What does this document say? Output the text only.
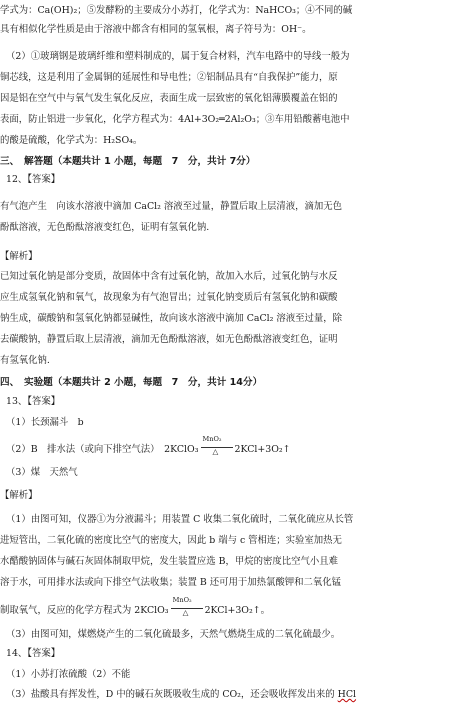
学式为：Ca(OH)₂；⑤发酵粉的主要成分小苏打，化学式为：NaHCO₃；④不同的碱
具有相似化学性质是由于溶液中都含有相同的氢氧根，离子符号为：OH⁻。
（2）①玻璃钢是玻璃纤维和塑料制成的，属于复合材料，汽车电路中的导线一般为
铜芯线，这是利用了金属铜的延展性和导电性；②铝制品具有“自我保护”能力，原
因是铝在空气中与氧气发生氧化反应，表面生成一层致密的氧化铝薄膜覆盖在铝的
表面，防止铝进一步氧化，化学方程式为：4Al+3O₂═2Al₂O₃；③车用铅酸蓄电池中
的酸是硫酸，化学式为：H₂SO₄。
三、　解答题（本题共计 1 小题，每题　7　分，共计 7分）
12、【答案】
有气泡产生　向该水溶液中滴加 CaCl₂ 溶液至过量，静置后取上层清液，滴加无色
酚酞溶液，无色酚酞溶液变红色，证明有氢氧化钠.
【解析】
已知过氧化钠是部分变质，故固体中含有过氧化钠，故加入水后，过氧化钠与水反
应生成氢氧化钠和氧气，故现象为有气泡冒出；过氧化钠变质后有氢氧化钠和碳酸
钠生成，碳酸钠和氢氧化钠都显碱性，故向该水溶液中滴加 CaCl₂ 溶液至过量，除
去碳酸钠，静置后取上层清液，滴加无色酚酞溶液，如无色酚酞溶液变红色，证明
有氢氧化钠.
四、　实验题（本题共计 2 小题，每题　7　分，共计 14分）
13、【答案】
（1）长颈漏斗　b
（2）B　排水法（或向下排空气法）　2KClO₃
MnO₂
△ 2KCl+3O₂↑
（3）煤　天然气
【解析】
（1）由图可知，仪器①为分液漏斗；用装置 C 收集二氧化硫时，二氧化硫应从长管
进短管出，二氧化硫的密度比空气的密度大，因此 b 端与 c 管相连；实验室加热无
水醋酸钠固体与碱石灰固体制取甲烷，发生装置应选 B，甲烷的密度比空气小且难
溶于水，可用排水法或向下排空气法收集；装置 B 还可用于加热氯酸钾和二氧化锰
制取氧气，反应的化学方程式为 2KClO₃
MnO₂
△ 2KCl+3O₂↑。
（3）由图可知，煤燃烧产生的二氧化硫最多，天然气燃烧生成的二氧化硫最少。
14、【答案】
（1）小苏打浓硫酸（2）不能
（3）盐酸具有挥发性，D 中的碱石灰既吸收生成的 CO₂，还会吸收挥发出来的 HCl
